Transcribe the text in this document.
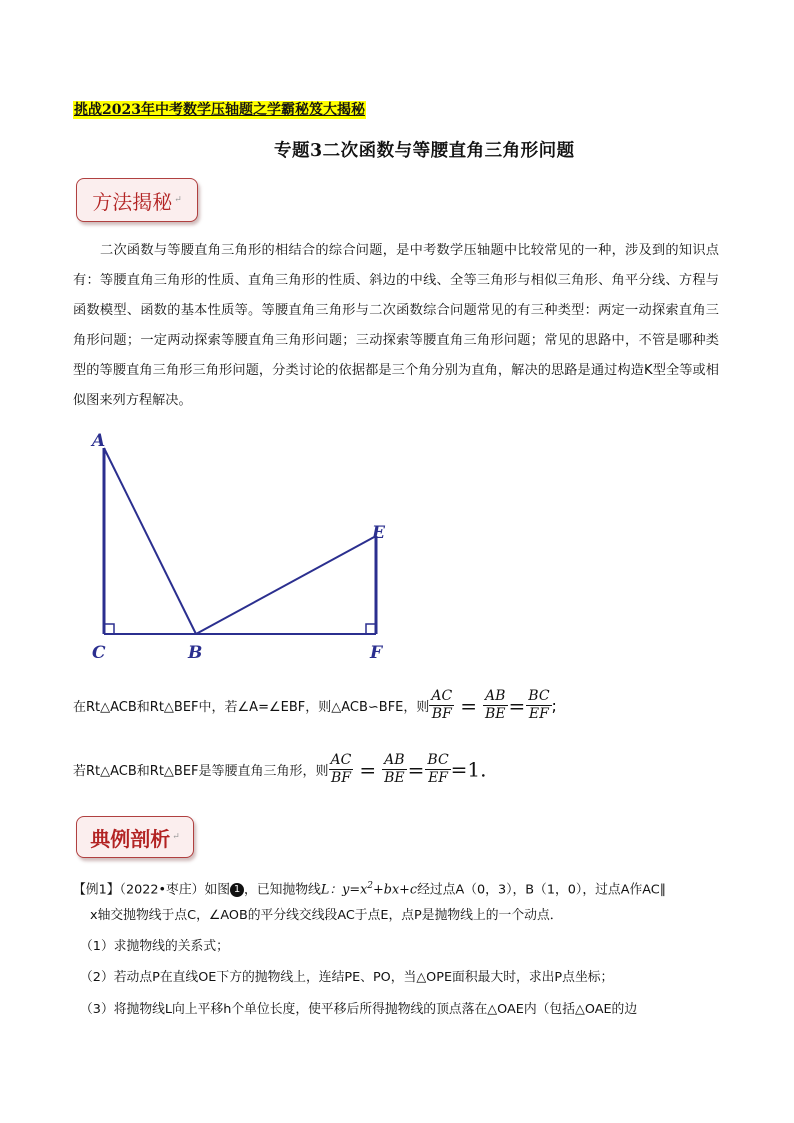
挑战2023年中考数学压轴题之学霸秘笈大揭秘
专题3二次函数与等腰直角三角形问题
方法揭秘 ↵
二次函数与等腰直角三角形的相结合的综合问题，是中考数学压轴题中比较常见的一种，涉及到的知识点有：等腰直角三角形的性质、直角三角形的性质、斜边的中线、全等三角形与相似三角形、角平分线、方程与函数模型、函数的基本性质等。等腰直角三角形与二次函数综合问题常见的有三种类型：两定一动探索直角三角形问题；一定两动探索等腰直角三角形问题；三动探索等腰直角三角形问题；常见的思路中，不管是哪种类型的等腰直角三角形三角形问题，分类讨论的依据都是三个角分别为直角，解决的思路是通过构造K型全等或相似图来列方程解决。
A
C	B
E
F
在Rt△ACB和Rt△BEF中，若∠A=∠EBF，则△ACB∽BFE，则 $\frac{AC}{BF} = \frac{AB}{BE} = \frac{BC}{EF}$ ;
若Rt△ACB和Rt△BEF是等腰直角三角形，则 $\frac{AC}{BF} = \frac{AB}{BE} = \frac{BC}{EF} =1$.
典例剖析 ↵
【例1】（2022•枣庄）如图 1 ，已知抛物线L：$y=x^2+bx+c$经过点A（0，3），B（1，0），过点A作AC∥
x轴交抛物线于点C，∠AOB的平分线交线段AC于点E，点P是抛物线上的一个动点．
（1）求抛物线的关系式；
（2）若动点P在直线OE下方的抛物线上，连结PE、PO，当△OPE面积最大时，求出P点坐标；
（3）将抛物线L向上平移h个单位长度，使平移后所得抛物线的顶点落在△OAE内（包括△OAE的边
